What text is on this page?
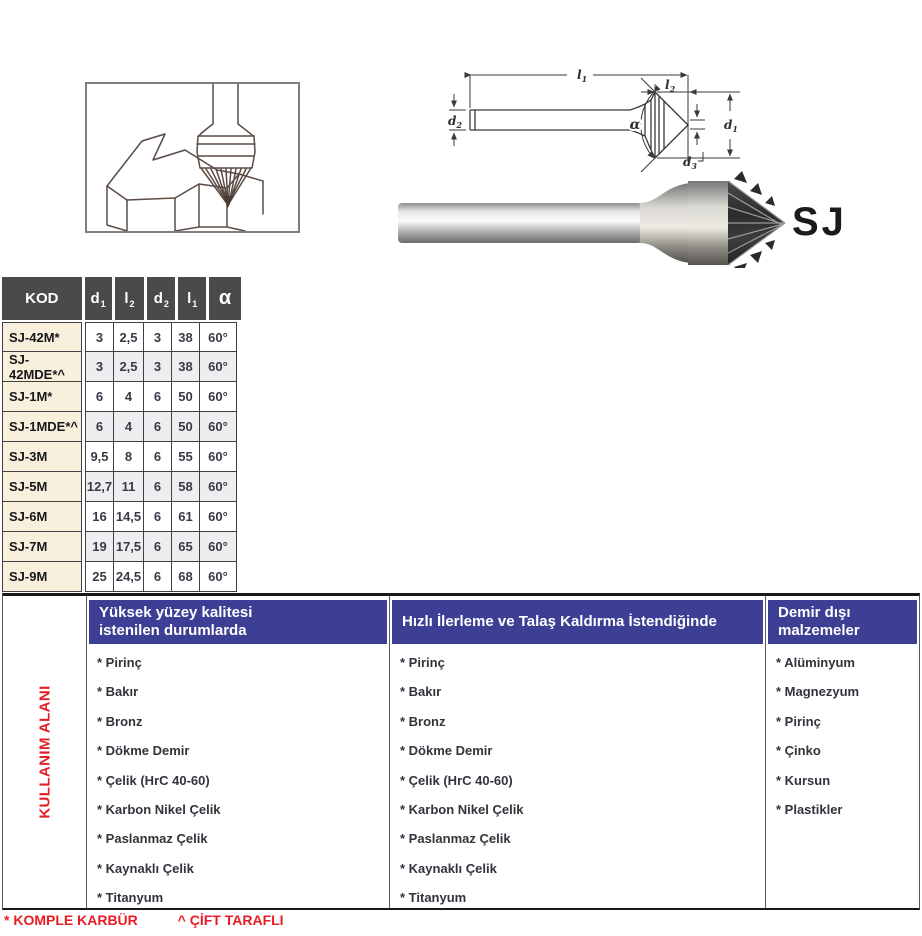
α
$l_1$	$l_2$
$d_2$	$d_1$
$d_3$
SJ
KOD d 1 l 2 d 2 l 1 α
SJ-42M*	3	2,5	3	38	60°
SJ-42MDE*^	3	2,5	3	38	60°
SJ-1M*	6	4	6	50	60°
SJ-1MDE*^	6	4	6	50	60°
SJ-3M	9,5	8	6	55	60°
SJ-5M	12,7 11	6	58	60°
SJ-6M	16 14,5 6	61	60°
SJ-7M	19 17,5 6	65	60°
SJ-9M	25 24,5 6	68	60°
KULLANIM ALANI
Yüksek yüzey kalitesi
istenilen durumlarda
* Pirinç
* Bakır
* Bronz
* Dökme Demir
* Çelik (HrC 40-60)
* Karbon Nikel Çelik
* Paslanmaz Çelik
* Kaynaklı Çelik
* Titanyum
Hızlı İlerleme ve Talaş Kaldırma İstendiğinde
* Pirinç
* Bakır
* Bronz
* Dökme Demir
* Çelik (HrC 40-60)
* Karbon Nikel Çelik
* Paslanmaz Çelik
* Kaynaklı Çelik
* Titanyum
Demir dışı
malzemeler
* Alüminyum
* Magnezyum
* Pirinç
* Çinko
* Kursun
* Plastikler
* KOMPLE KARBÜR	^ ÇİFT TARAFLI
